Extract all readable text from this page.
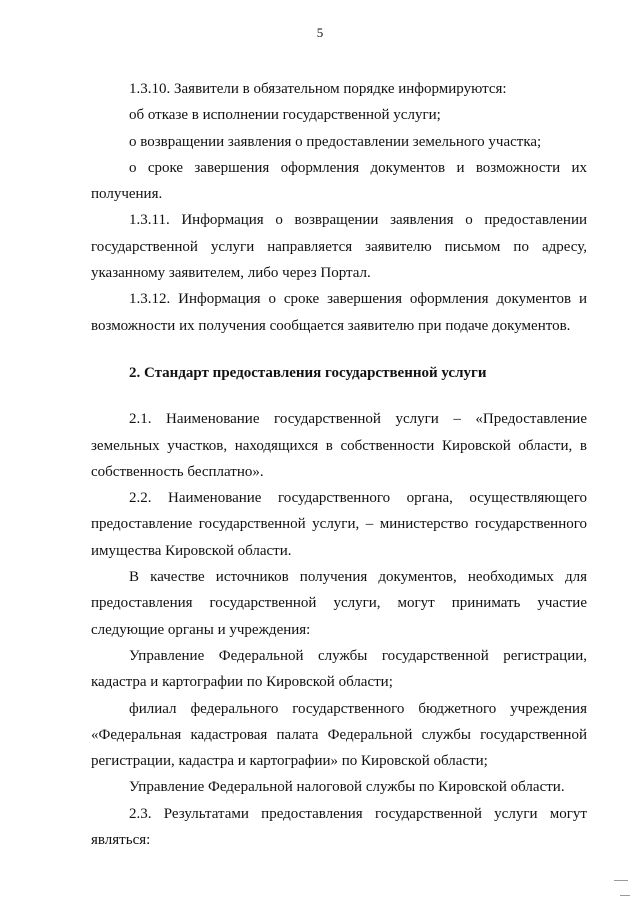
5

1.3.10. Заявители в обязательном порядке информируются:

об отказе в исполнении государственной услуги;

о возвращении заявления о предоставлении земельного участка;

о сроке завершения оформления документов и возможности их получения.

1.3.11. Информация о возвращении заявления о предоставлении государственной услуги направляется заявителю письмом по адресу, указанному заявителем, либо через Портал.

1.3.12. Информация о сроке завершения оформления документов и возможности их получения сообщается заявителю при подаче документов.

2. Стандарт предоставления государственной услуги

2.1. Наименование государственной услуги – «Предоставление земельных участков, находящихся в собственности Кировской области, в собственность бесплатно».

2.2. Наименование государственного органа, осуществляющего предоставление государственной услуги, – министерство государственного имущества Кировской области.

В качестве источников получения документов, необходимых для предоставления государственной услуги, могут принимать участие следующие органы и учреждения:

Управление Федеральной службы государственной регистрации, кадастра и картографии по Кировской области;

филиал федерального государственного бюджетного учреждения «Федеральная кадастровая палата Федеральной службы государственной регистрации, кадастра и картографии» по Кировской области;

Управление Федеральной налоговой службы по Кировской области.

2.3. Результатами предоставления государственной услуги могут являться:
